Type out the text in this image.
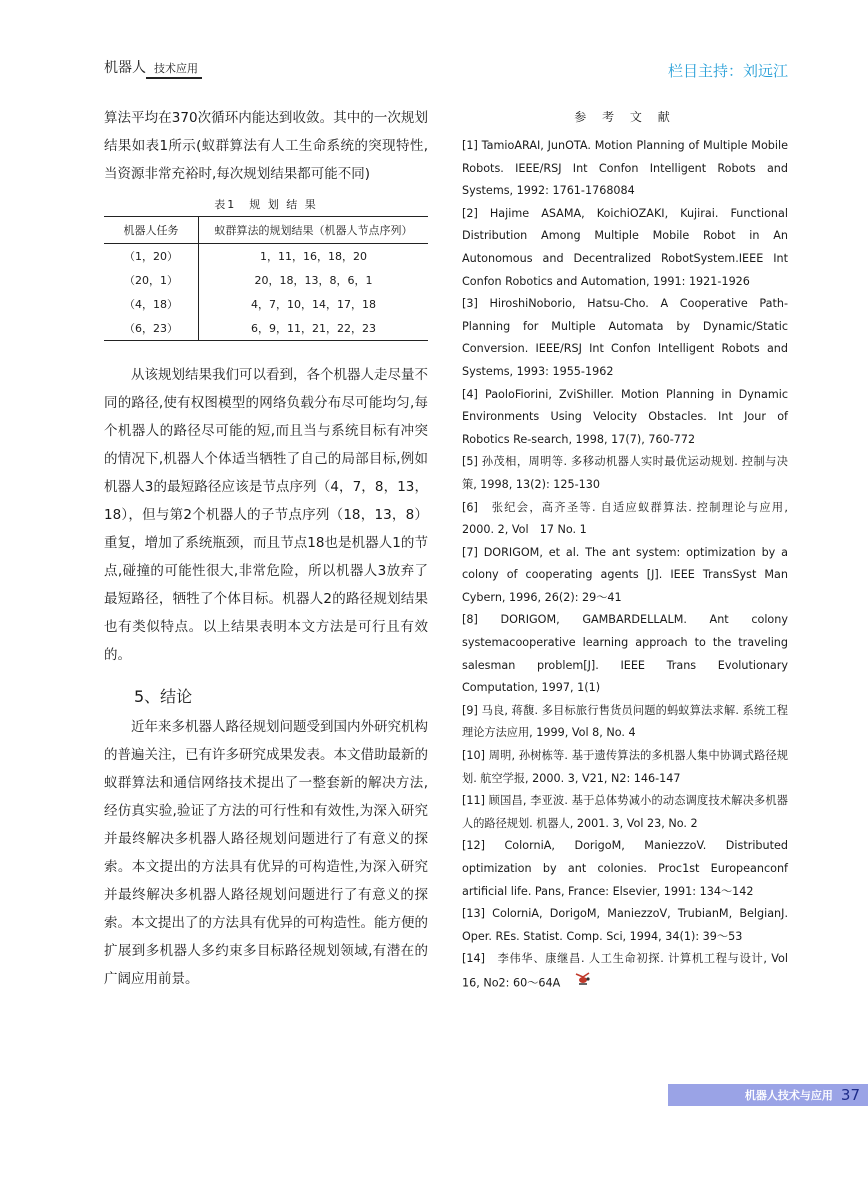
机器人 技术应用	栏目主持：刘远江

算法平均在370次循环内能达到收敛。其中的一次规划结果如表1所示(蚁群算法有人工生命系统的突现特性,当资源非常充裕时,每次规划结果都可能不同)

表1　规 划 结 果
机器人任务	蚁群算法的规划结果（机器人节点序列）
（1，20）	1，11，16，18，20
（20，1）	20，18，13，8，6，1
（4，18）	4，7，10，14，17，18
（6，23）	6，9，11，21，22，23

从该规划结果我们可以看到，各个机器人走尽量不同的路径,使有权图模型的网络负载分布尽可能均匀,每个机器人的路径尽可能的短,而且当与系统目标有冲突的情况下,机器人个体适当牺牲了自己的局部目标,例如机器人3的最短路径应该是节点序列（4，7，8，13，18），但与第2个机器人的子节点序列（18，13，8）重复，增加了系统瓶颈，而且节点18也是机器人1的节点,碰撞的可能性很大,非常危险，所以机器人3放弃了最短路径，牺牲了个体目标。机器人2的路径规划结果也有类似特点。以上结果表明本文方法是可行且有效的。

5、结论

近年来多机器人路径规划问题受到国内外研究机构的普遍关注，已有许多研究成果发表。本文借助最新的蚁群算法和通信网络技术提出了一整套新的解决方法,经仿真实验,验证了方法的可行性和有效性,为深入研究并最终解决多机器人路径规划问题进行了有意义的探索。本文提出的方法具有优异的可构造性,为深入研究并最终解决多机器人路径规划问题进行了有意义的探索。本文提出了的方法具有优异的可构造性。能方便的扩展到多机器人多约束多目标路径规划领域,有潜在的广阔应用前景。

参 考 文 献
[1] TamioARAI, JunOTA. Motion Planning of Multiple Mobile Robots. IEEE/RSJ Int Confon Intelligent Robots and Systems, 1992: 1761-1768084
[2] Hajime ASAMA, KoichiOZAKI, Kujirai. Functional Distribution Among Multiple Mobile Robot in An Autonomous and Decentralized RobotSystem.IEEE Int Confon Robotics and Automation, 1991: 1921-1926
[3] HiroshiNoborio, Hatsu-Cho. A Cooperative Path-Planning for Multiple Automata by Dynamic/Static Conversion. IEEE/RSJ Int Confon Intelligent Robots and Systems, 1993: 1955-1962
[4] PaoloFiorini, ZviShiller. Motion Planning in Dynamic Environments Using Velocity Obstacles. Int Jour of Robotics Re-search, 1998, 17(7), 760-772
[5] 孙茂相，周明等. 多移动机器人实时最优运动规划. 控制与决策, 1998, 13(2): 125-130
[6]　张纪会，高齐圣等. 自适应蚁群算法. 控制理论与应用, 2000. 2, Vol　17 No. 1
[7] DORIGOM, et al. The ant system: optimization by a colony of cooperating agents [J]. IEEE TransSyst Man Cybern, 1996, 26(2): 29～41
[8] DORIGOM, GAMBARDELLALM. Ant colony systemacooperative learning approach to the traveling salesman problem[J]. IEEE Trans Evolutionary Computation, 1997, 1(1)
[9] 马良, 蒋馥. 多目标旅行售货员问题的蚂蚁算法求解. 系统工程理论方法应用, 1999, Vol 8, No. 4
[10] 周明, 孙树栋等. 基于遗传算法的多机器人集中协调式路径规划. 航空学报, 2000. 3, V21, N2: 146-147
[11] 顾国昌, 李亚波. 基于总体势减小的动态调度技术解决多机器人的路径规划. 机器人, 2001. 3, Vol 23, No. 2
[12] ColorniA, DorigoM, ManiezzoV. Distributed optimization by ant colonies. Proc1st Europeanconf artificial life. Pans, France: Elsevier, 1991: 134～142
[13] ColorniA, DorigoM, ManiezzoV, TrubianM, BelgianJ. Oper. REs. Statist. Comp. Sci, 1994, 34(1): 39～53
[14]　李伟华、康继昌. 人工生命初探. 计算机工程与设计, Vol　16, No2: 60～64A
机器人技术与应用 37
